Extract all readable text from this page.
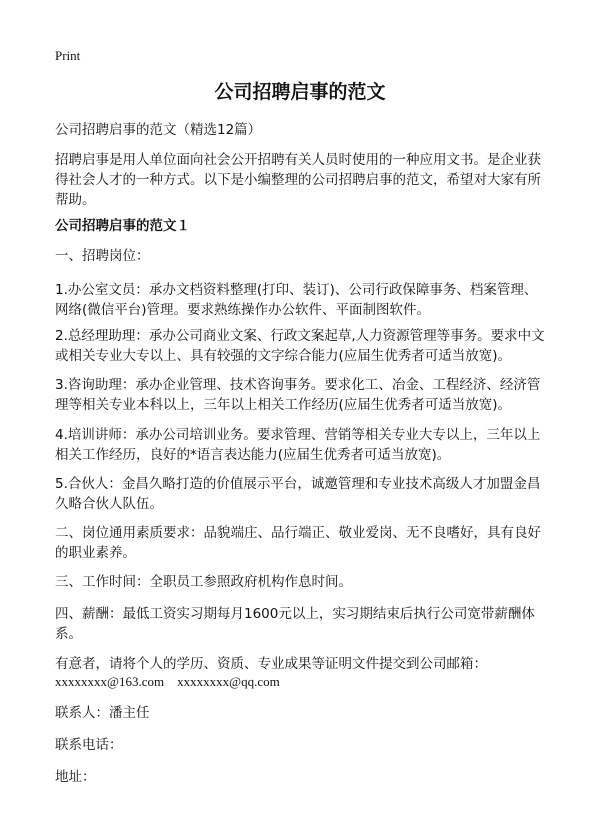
Print
公司招聘启事的范文

公司招聘启事的范文（精选12篇）

招聘启事是用人单位面向社会公开招聘有关人员时使用的一种应用文书。是企业获得社会人才的一种方式。以下是小编整理的公司招聘启事的范文，希望对大家有所帮助。

公司招聘启事的范文１

一、招聘岗位：

1.办公室文员：承办文档资料整理(打印、装订)、公司行政保障事务、档案管理、网络(微信平台)管理。要求熟练操作办公软件、平面制图软件。

2.总经理助理：承办公司商业文案、行政文案起草,人力资源管理等事务。要求中文或相关专业大专以上、具有较强的文字综合能力(应届生优秀者可适当放宽)。

3.咨询助理：承办企业管理、技术咨询事务。要求化工、冶金、工程经济、经济管理等相关专业本科以上，三年以上相关工作经历(应届生优秀者可适当放宽)。

4.培训讲师：承办公司培训业务。要求管理、营销等相关专业大专以上，三年以上相关工作经历，良好的*语言表达能力(应届生优秀者可适当放宽)。

5.合伙人：金昌久略打造的价值展示平台，诚邀管理和专业技术高级人才加盟金昌久略合伙人队伍。

二、岗位通用素质要求：品貌端庄、品行端正、敬业爱岗、无不良嗜好，具有良好的职业素养。

三、工作时间：全职员工参照政府机构作息时间。

四、薪酬：最低工资实习期每月1600元以上，实习期结束后执行公司宽带薪酬体系。

有意者，请将个人的学历、资质、专业成果等证明文件提交到公司邮箱：

xxxxxxxx@163.com　xxxxxxxx@qq.com

联系人：潘主任

联系电话：

地址：
